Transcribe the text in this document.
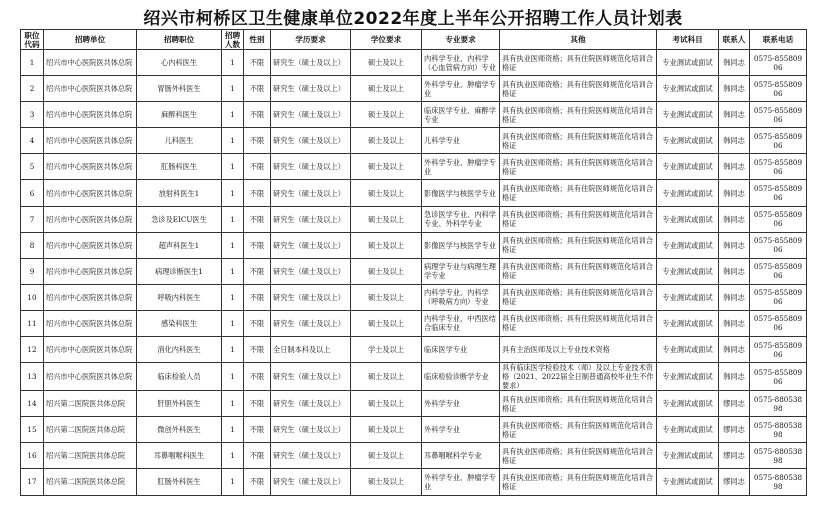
绍兴市柯桥区卫生健康单位2022年度上半年公开招聘工作人员计划表
职位代码	招聘单位	招聘职位	招聘人数	性别	学历要求	学位要求	专业要求	其他	考试科目	联系人	联系电话
1	绍兴市中心医院医共体总院	心内科医生	1	不限	研究生（硕士及以上）	硕士及以上	内科学专业、内科学（心血管病方向）专业	具有执业医师资格；具有住院医师规范化培训合格证	专业测试或面试	韩同志	0575-85580906
2	绍兴市中心医院医共体总院	胃肠外科医生	1	不限	研究生（硕士及以上）	硕士及以上	外科学专业、肿瘤学专业	具有执业医师资格；具有住院医师规范化培训合格证	专业测试或面试	韩同志	0575-85580906
3	绍兴市中心医院医共体总院	麻醉科医生	1	不限	研究生（硕士及以上）	硕士及以上	临床医学专业、麻醉学专业	具有执业医师资格；具有住院医师规范化培训合格证	专业测试或面试	韩同志	0575-85580906
4	绍兴市中心医院医共体总院	儿科医生	1	不限	研究生（硕士及以上）	硕士及以上	儿科学专业	具有执业医师资格；具有住院医师规范化培训合格证	专业测试或面试	韩同志	0575-85580906
5	绍兴市中心医院医共体总院	肛肠科医生	1	不限	研究生（硕士及以上）	硕士及以上	外科学专业、肿瘤学专业	具有执业医师资格；具有住院医师规范化培训合格证	专业测试或面试	韩同志	0575-85580906
6	绍兴市中心医院医共体总院	放射科医生1	1	不限	研究生（硕士及以上）	硕士及以上	影像医学与核医学专业	具有执业医师资格；具有住院医师规范化培训合格证	专业测试或面试	韩同志	0575-85580906
7	绍兴市中心医院医共体总院	急诊及EICU医生	1	不限	研究生（硕士及以上）	硕士及以上	急诊医学专业、内科学专业、外科学专业	具有执业医师资格；具有住院医师规范化培训合格证	专业测试或面试	韩同志	0575-85580906
8	绍兴市中心医院医共体总院	超声科医生1	1	不限	研究生（硕士及以上）	硕士及以上	影像医学与核医学专业	具有执业医师资格；具有住院医师规范化培训合格证	专业测试或面试	韩同志	0575-85580906
9	绍兴市中心医院医共体总院	病理诊断医生1	1	不限	研究生（硕士及以上）	硕士及以上	病理学专业与病理生理学专业	具有执业医师资格；具有住院医师规范化培训合格证	专业测试或面试	韩同志	0575-85580906
10	绍兴市中心医院医共体总院	呼吸内科医生	1	不限	研究生（硕士及以上）	硕士及以上	内科学专业、内科学（呼吸病方向）专业	具有执业医师资格；具有住院医师规范化培训合格证	专业测试或面试	韩同志	0575-85580906
11	绍兴市中心医院医共体总院	感染科医生	1	不限	研究生（硕士及以上）	硕士及以上	内科学专业、中西医结合临床专业	具有执业医师资格；具有住院医师规范化培训合格证	专业测试或面试	韩同志	0575-85580906
12	绍兴市中心医院医共体总院	消化内科医生	1	不限	全日制本科及以上	学士及以上	临床医学专业	具有主治医师及以上专业技术资格	专业测试或面试	韩同志	0575-85580906
13	绍兴市中心医院医共体总院	临床检验人员	1	不限	研究生（硕士及以上）	硕士及以上	临床检验诊断学专业	具有临床医学检验技术（师）及以上专业技术资格（2021、2022届全日制普通高校毕业生不作要求）	专业测试或面试	韩同志	0575-85580906
14	绍兴第二医院医共体总院	肝胆外科医生	1	不限	研究生（硕士及以上）	硕士及以上	外科学专业	具有执业医师资格；具有住院医师规范化培训合格证	专业测试或面试	缪同志	0575-88053898
15	绍兴第二医院医共体总院	微创外科医生	1	不限	研究生（硕士及以上）	硕士及以上	外科学专业	具有执业医师资格；具有住院医师规范化培训合格证	专业测试或面试	缪同志	0575-88053898
16	绍兴第二医院医共体总院	耳鼻咽喉科医生	1	不限	研究生（硕士及以上）	硕士及以上	耳鼻咽喉科学专业	具有执业医师资格；具有住院医师规范化培训合格证	专业测试或面试	缪同志	0575-88053898
17	绍兴第二医院医共体总院	肛肠外科医生	1	不限	研究生（硕士及以上）	硕士及以上	外科学专业、肿瘤学专业	具有执业医师资格；具有住院医师规范化培训合格证	专业测试或面试	缪同志	0575-88053898
